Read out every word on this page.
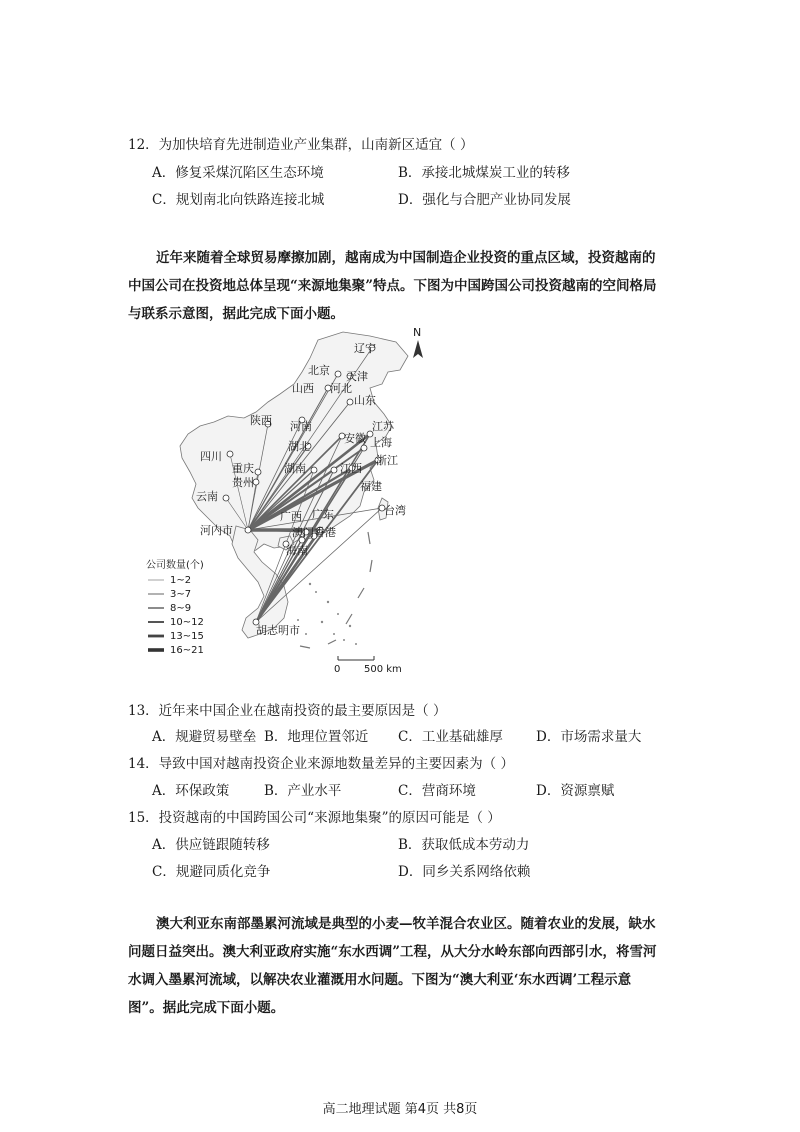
12．为加快培育先进制造业产业集群，山南新区适宜（ ）
A．修复采煤沉陷区生态环境	B．承接北城煤炭工业的转移
C．规划南北向铁路连接北城	D．强化与合肥产业协同发展
近年来随着全球贸易摩擦加剧，越南成为中国制造企业投资的重点区域，投资越南的
中国公司在投资地总体呈现“来源地集聚”特点。下图为中国跨国公司投资越南的空间格局
与联系示意图，据此完成下面小题。
辽宁
北京 天津
山西 河北
山东
陕西 河南	江苏
湖北
安徽 上海
四川
重庆	湖南	江西
浙江
贵州	福建
云南
广东	台湾
河内市
广西
澳门 香港
海南
胡志明市
N
公司数量(个)
1~2
3~7
8~9
10~12
13~15
16~21
0 500 km
13．近年来中国企业在越南投资的最主要原因是（ ）
A．规避贸易壁垒 B．地理位置邻近 C．工业基础雄厚 D．市场需求量大
14．导致中国对越南投资企业来源地数量差异的主要因素为（ ）
A．环保政策	B．产业水平	C．营商环境	D．资源禀赋
15．投资越南的中国跨国公司“来源地集聚”的原因可能是（ ）
A．供应链跟随转移	B．获取低成本劳动力
C．规避同质化竞争	D．同乡关系网络依赖
澳大利亚东南部墨累河流域是典型的小麦—牧羊混合农业区。随着农业的发展，缺水
问题日益突出。澳大利亚政府实施“东水西调”工程，从大分水岭东部向西部引水，将雪河
水调入墨累河流域，以解决农业灌溉用水问题。下图为“澳大利亚‘东水西调’工程示意
图”。据此完成下面小题。
高二地理试题 第4页 共8页
